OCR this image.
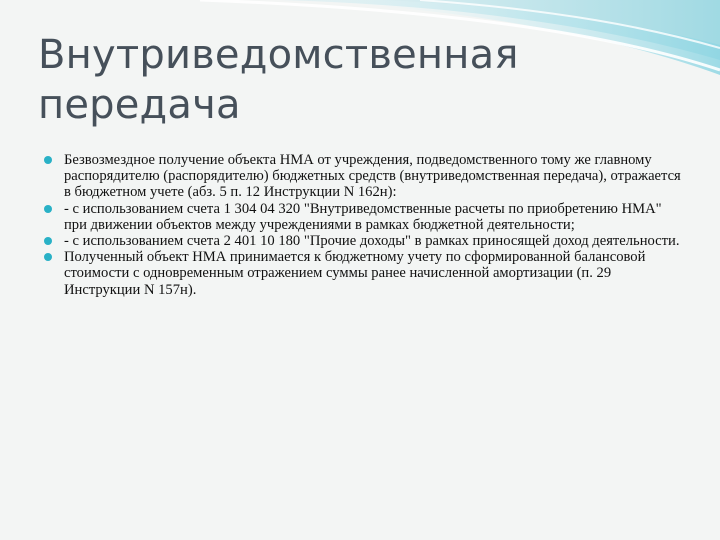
Внутриведомственная
передача
Безвозмездное получение объекта НМА от учреждения, подведомственного тому же главному распорядителю (распорядителю) бюджетных средств (внутриведомственная передача), отражается в бюджетном учете (абз. 5 п. 12 Инструкции N 162н):
- с использованием счета 1 304 04 320 "Внутриведомственные расчеты по приобретению НМА" при движении объектов между учреждениями в рамках бюджетной деятельности;
- с использованием счета 2 401 10 180 "Прочие доходы" в рамках приносящей доход деятельности.
Полученный объект НМА принимается к бюджетному учету по сформированной балансовой стоимости с одновременным отражением суммы ранее начисленной амортизации (п. 29 Инструкции N 157н).
